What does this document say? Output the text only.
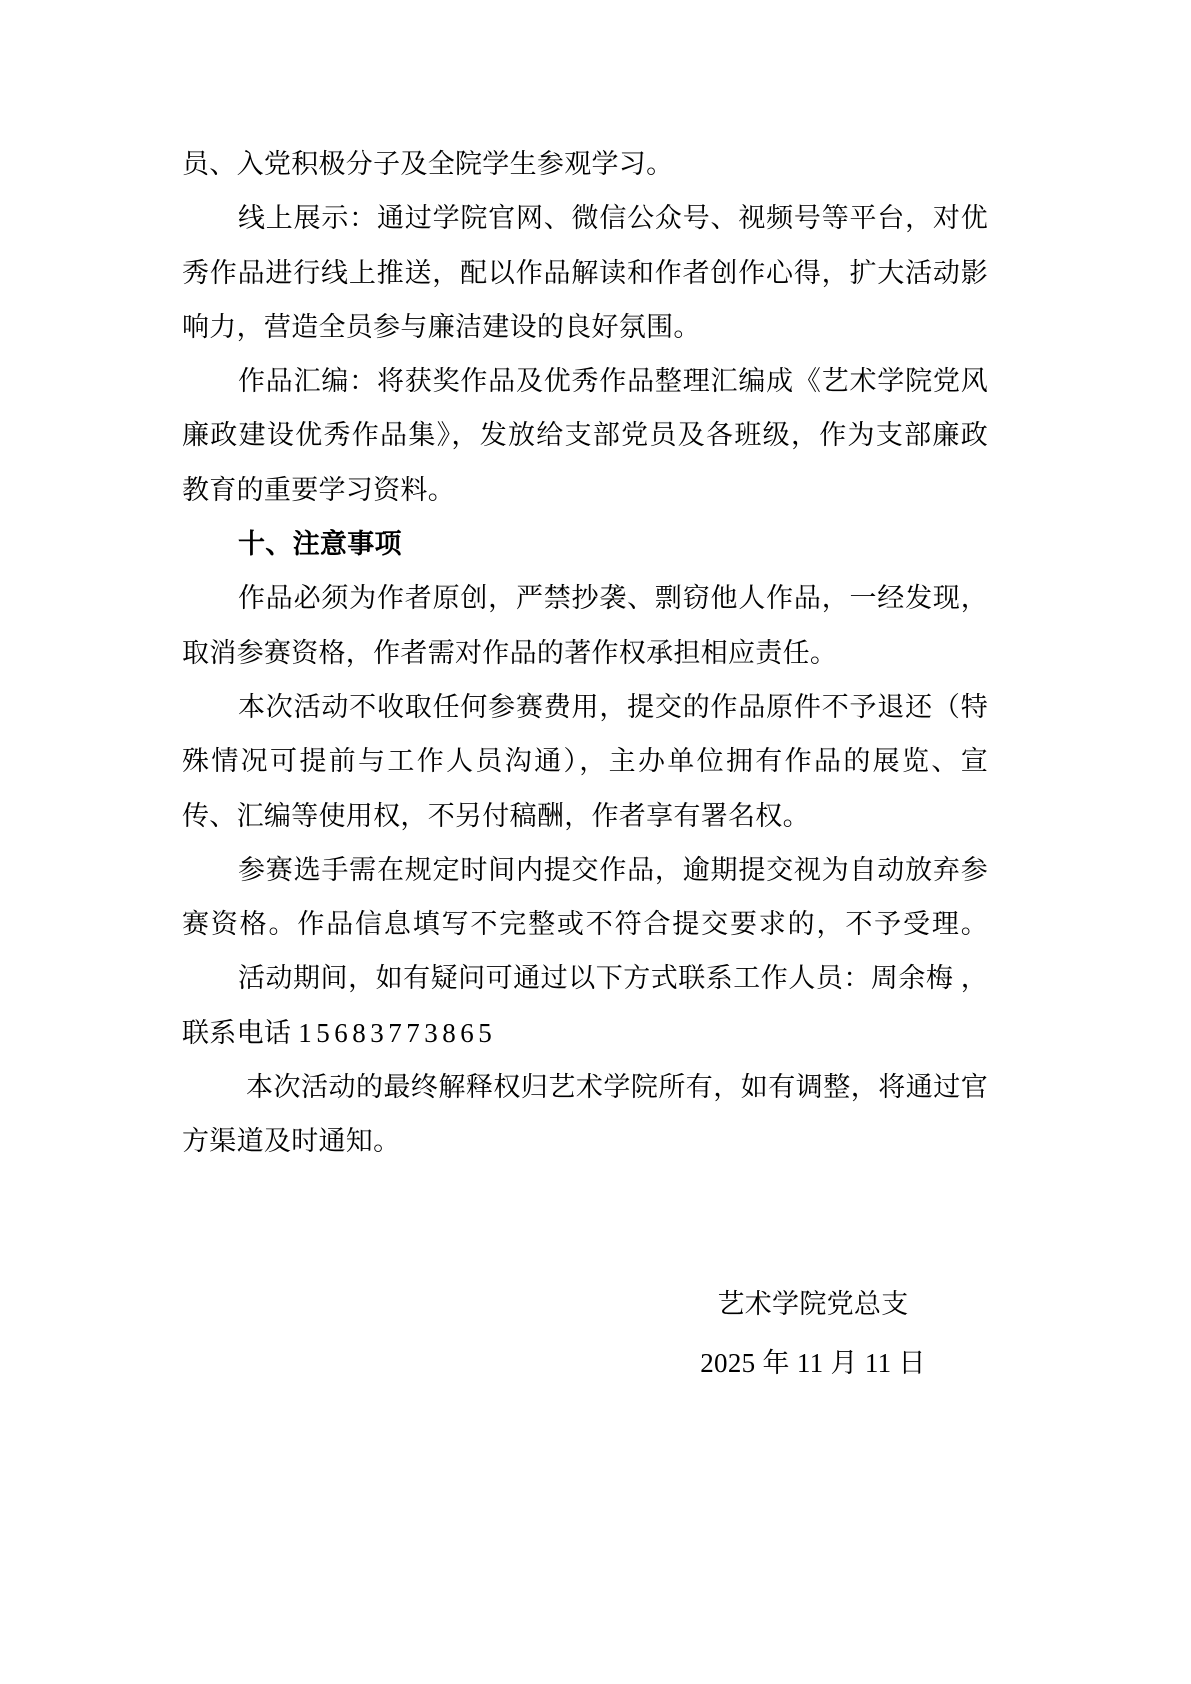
员、入党积极分子及全院学生参观学习。
线上展示：通过学院官网、微信公众号、视频号等平台，对优
秀作品进行线上推送，配以作品解读和作者创作心得，扩大活动影
响力，营造全员参与廉洁建设的良好氛围。
作品汇编：将获奖作品及优秀作品整理汇编成《艺术学院党风
廉政建设优秀作品集》，发放给支部党员及各班级，作为支部廉政
教育的重要学习资料。
十、注意事项
作品必须为作者原创，严禁抄袭、剽窃他人作品，一经发现，
取消参赛资格，作者需对作品的著作权承担相应责任。
本次活动不收取任何参赛费用，提交的作品原件不予退还（特
殊情况可提前与工作人员沟通），主办单位拥有作品的展览、宣
传、汇编等使用权，不另付稿酬，作者享有署名权。
参赛选手需在规定时间内提交作品，逾期提交视为自动放弃参
赛资格。作品信息填写不完整或不符合提交要求的，不予受理。
活动期间，如有疑问可通过以下方式联系工作人员：周余梅 ，
联系电话 15683773865
本次活动的最终解释权归艺术学院所有，如有调整，将通过官
方渠道及时通知。
艺术学院党总支
2025 年 11 月 11 日
